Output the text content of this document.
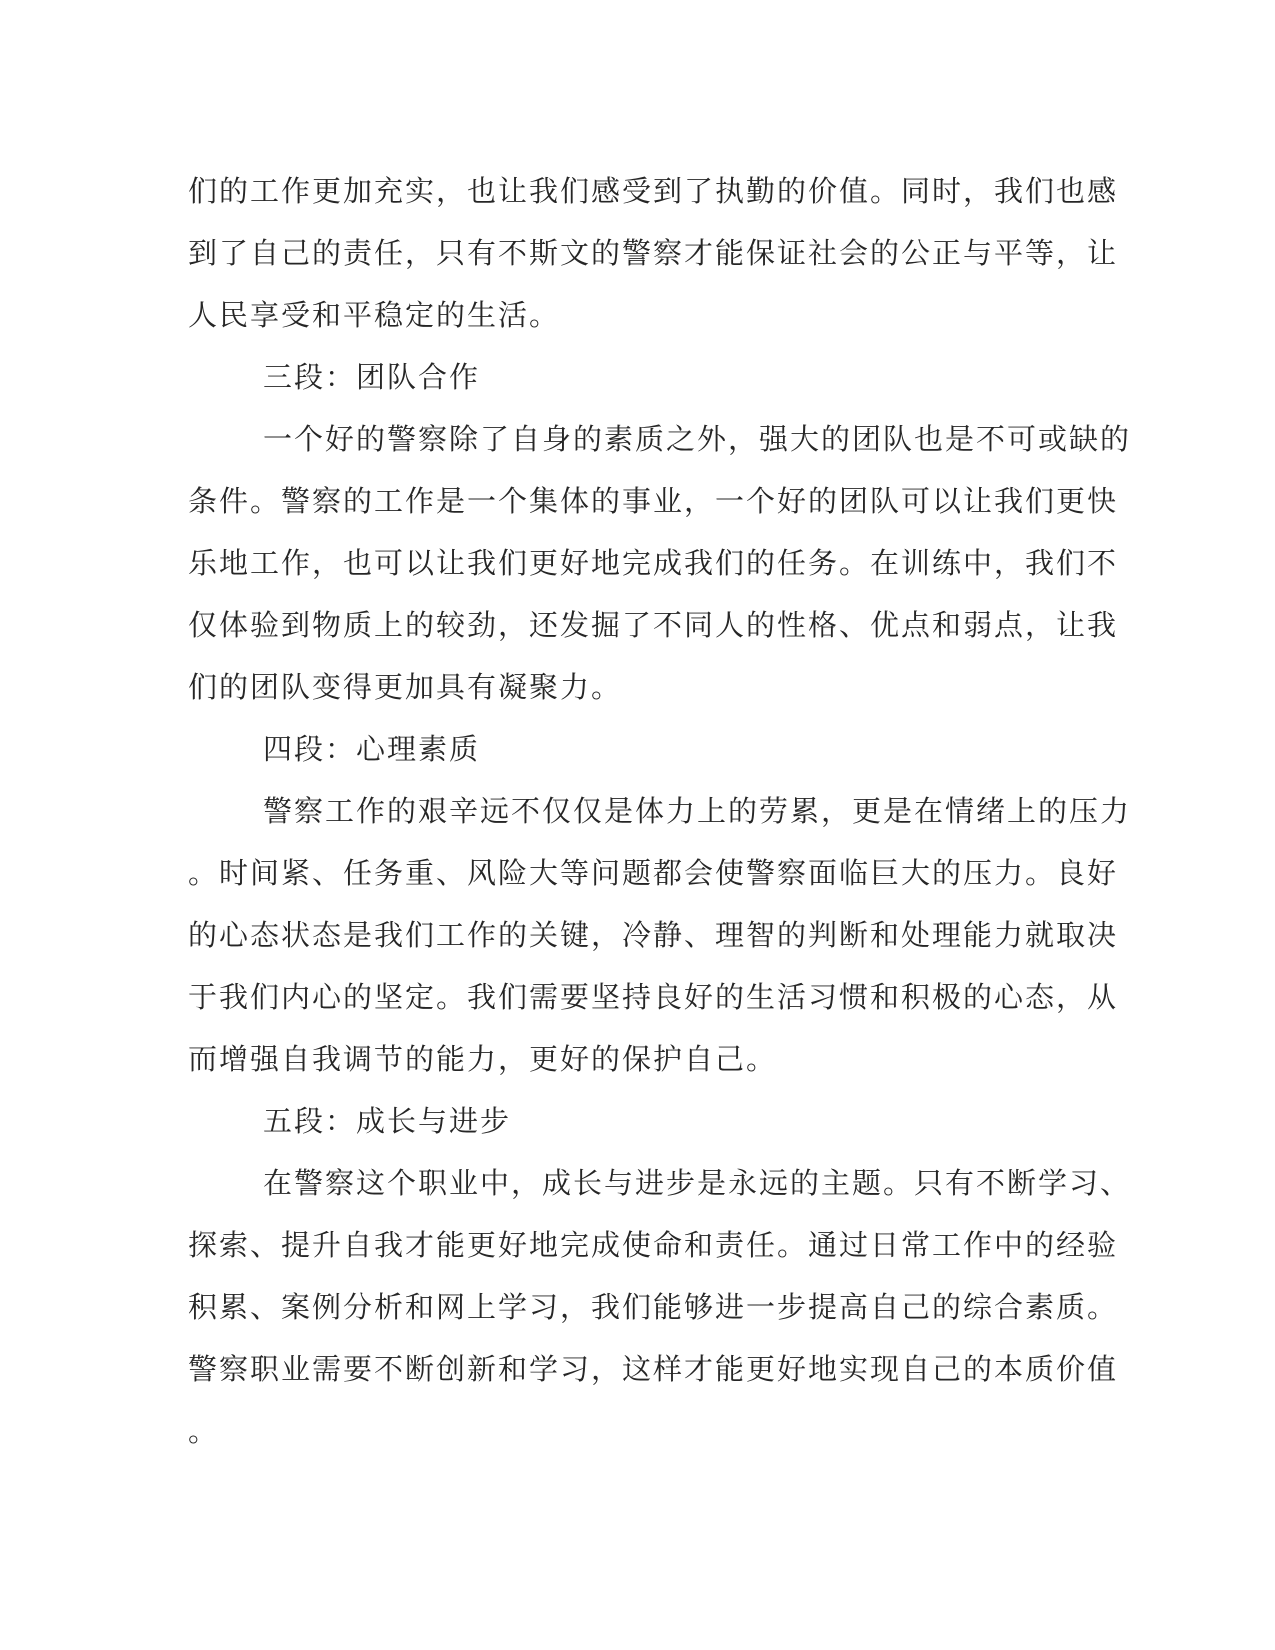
们的工作更加充实，也让我们感受到了执勤的价值。同时，我们也感
到了自己的责任，只有不斯文的警察才能保证社会的公正与平等，让
人民享受和平稳定的生活。
三段：团队合作
一个好的警察除了自身的素质之外，强大的团队也是不可或缺的
条件。警察的工作是一个集体的事业，一个好的团队可以让我们更快
乐地工作，也可以让我们更好地完成我们的任务。在训练中，我们不
仅体验到物质上的较劲，还发掘了不同人的性格、优点和弱点，让我
们的团队变得更加具有凝聚力。
四段：心理素质
警察工作的艰辛远不仅仅是体力上的劳累，更是在情绪上的压力
。时间紧、任务重、风险大等问题都会使警察面临巨大的压力。良好
的心态状态是我们工作的关键，冷静、理智的判断和处理能力就取决
于我们内心的坚定。我们需要坚持良好的生活习惯和积极的心态，从
而增强自我调节的能力，更好的保护自己。
五段：成长与进步
在警察这个职业中，成长与进步是永远的主题。只有不断学习、
探索、提升自我才能更好地完成使命和责任。通过日常工作中的经验
积累、案例分析和网上学习，我们能够进一步提高自己的综合素质。
警察职业需要不断创新和学习，这样才能更好地实现自己的本质价值
。
